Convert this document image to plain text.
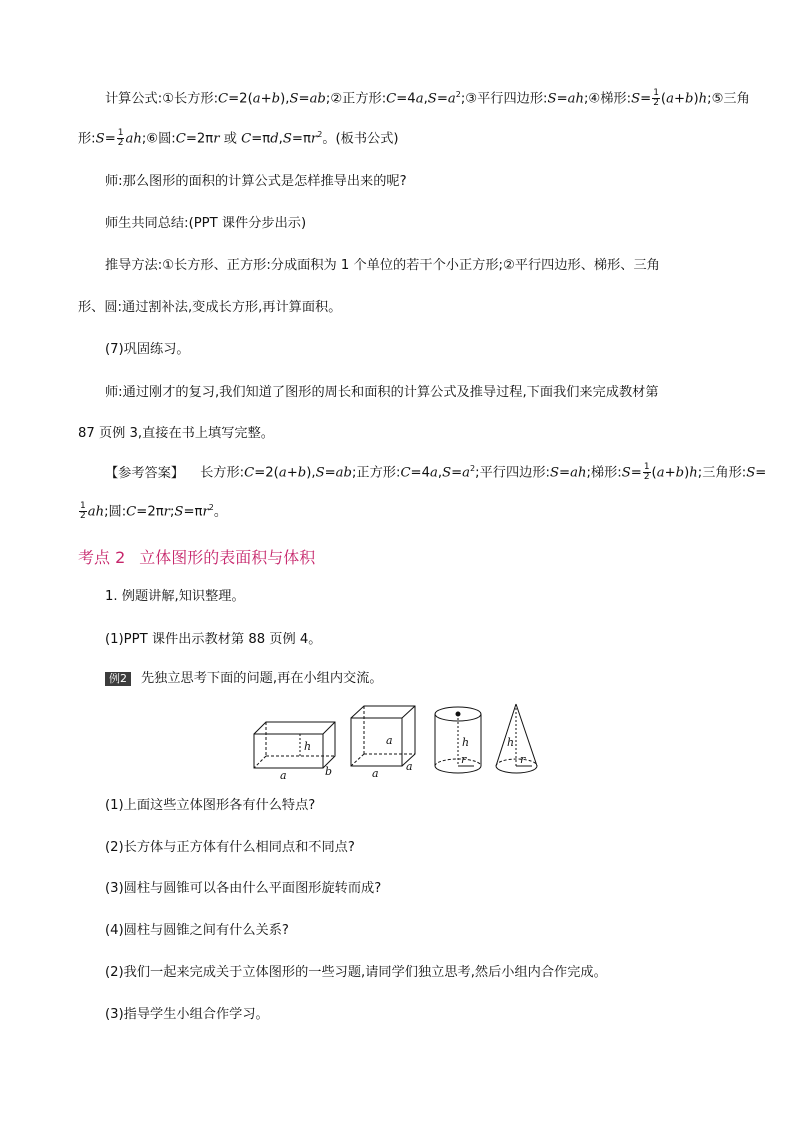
计算公式:①长方形:C=2(a+b),S=ab;②正方形$:C=4a,S=a^2;③$平行四边形:S=ah;④梯形:S= $\frac{1}{2}$ (a+b)h;⑤三角
形:S= $\frac{1}{2}$ ah;⑥圆:C=2πr 或 $C=\pi d,S=\pi r^2$。(板书公式)
师:那么图形的面积的计算公式是怎样推导出来的呢?
师生共同总结:(PPT 课件分步出示)
推导方法:①长方形、正方形:分成面积为 1 个单位的若干个小正方形;②平行四边形、梯形、三角
形、圆:通过割补法,变成长方形,再计算面积。
(7)巩固练习。
师:通过刚才的复习,我们知道了图形的周长和面积的计算公式及推导过程,下面我们来完成教材第
87 页例 3,直接在书上填写完整。
【参考答案】 长方形:C=2(a+b),S=ab;正方形$:C=4a,S=a^2$;平行四边形:S=ah;梯形:S= $\frac{1}{2} (a+b)h$;三角形:S=
$\frac{1}{2}$ ah;圆$:C=2\pi r;S=\pi r^2$。
考点 2 立体图形的表面积与体积
1. 例题讲解,知识整理。
(1)PPT 课件出示教材第 88 页例 4。
例2 先独立思考下面的问题,再在小组内交流。
h
a	b
a
a
a
h
r
h
r
(1)上面这些立体图形各有什么特点?
(2)长方体与正方体有什么相同点和不同点?
(3)圆柱与圆锥可以各由什么平面图形旋转而成?
(4)圆柱与圆锥之间有什么关系?
(2)我们一起来完成关于立体图形的一些习题,请同学们独立思考,然后小组内合作完成。
(3)指导学生小组合作学习。
